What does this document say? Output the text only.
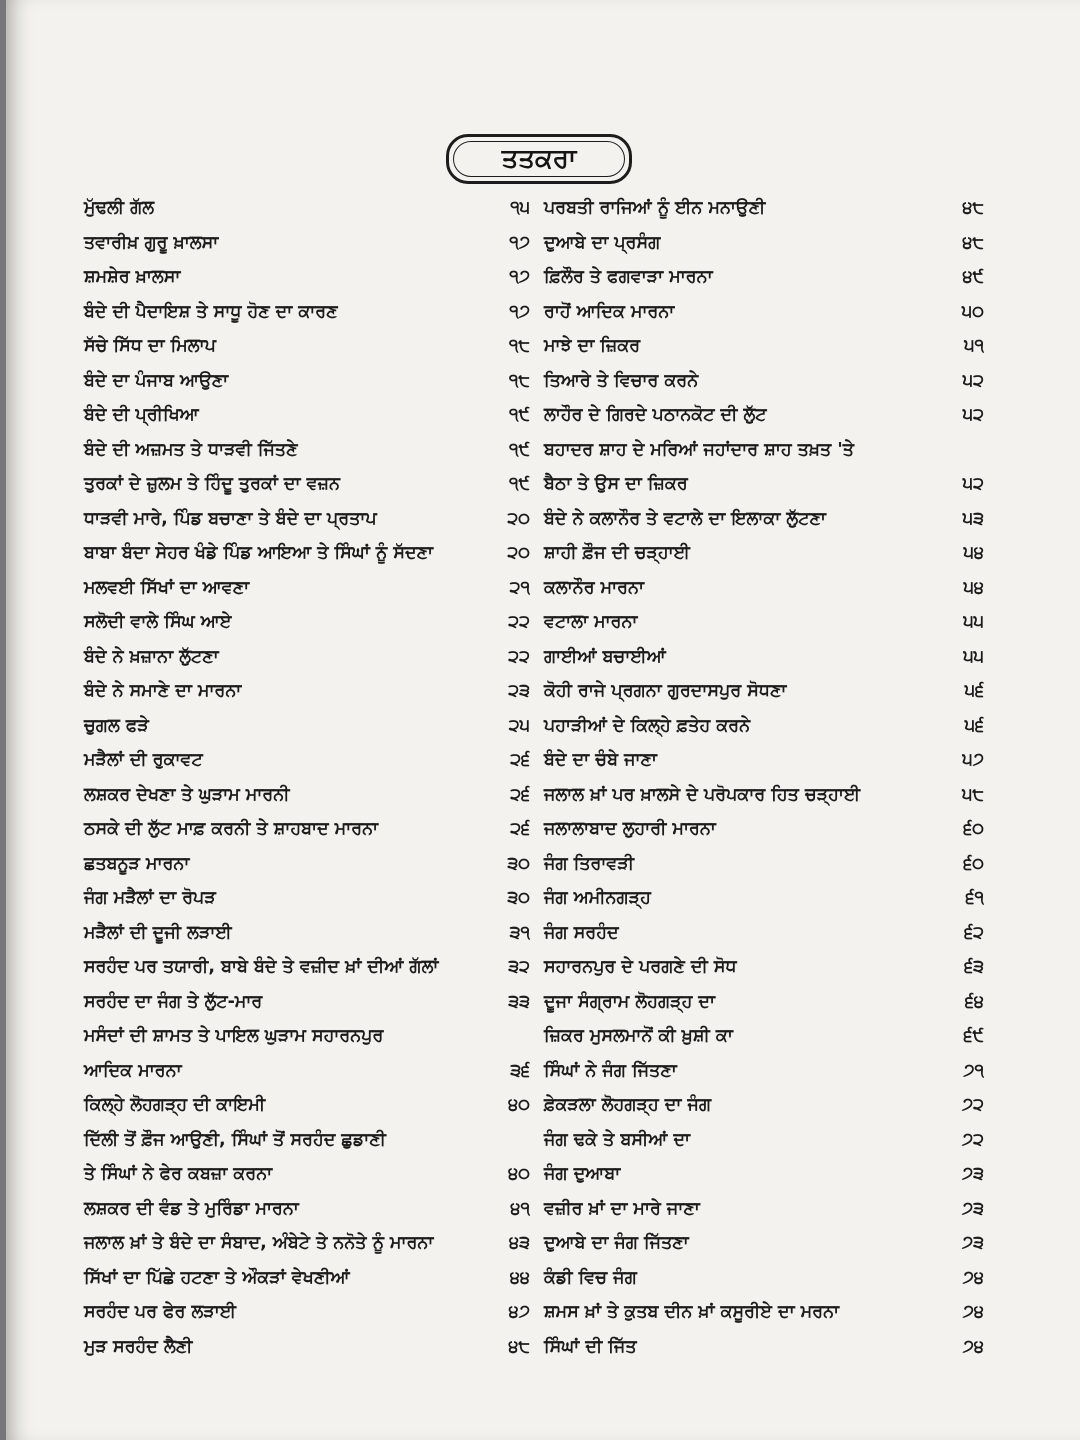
ਤਤਕਰਾ
ਮੁੱਢਲੀ ਗੱਲ	੧੫
ਤਵਾਰੀਖ਼ ਗੁਰੂ ਖ਼ਾਲਸਾ	੧੭
ਸ਼ਮਸ਼ੇਰ ਖ਼ਾਲਸਾ	੧੭
ਬੰਦੇ ਦੀ ਪੈਦਾਇਸ਼ ਤੇ ਸਾਧੂ ਹੋਣ ਦਾ ਕਾਰਣ	੧੭
ਸੱਚੇ ਸਿੱਧ ਦਾ ਮਿਲਾਪ	੧੮
ਬੰਦੇ ਦਾ ਪੰਜਾਬ ਆਉਣਾ	੧੮
ਬੰਦੇ ਦੀ ਪ੍ਰੀਖਿਆ	੧੯
ਬੰਦੇ ਦੀ ਅਜ਼ਮਤ ਤੇ ਧਾੜਵੀ ਜਿੱਤਣੇ	੧੯
ਤੁਰਕਾਂ ਦੇ ਜ਼ੁਲਮ ਤੇ ਹਿੰਦੂ ਤੁਰਕਾਂ ਦਾ ਵਜ਼ਨ	੧੯
ਧਾੜਵੀ ਮਾਰੇ, ਪਿੰਡ ਬਚਾਣਾ ਤੇ ਬੰਦੇ ਦਾ ਪ੍ਰਤਾਪ	੨੦
ਬਾਬਾ ਬੰਦਾ ਸੇਹਰ ਖੰਡੇ ਪਿੰਡ ਆਇਆ ਤੇ ਸਿੰਘਾਂ ਨੂੰ ਸੱਦਣਾ	੨੦
ਮਲਵਈ ਸਿੱਖਾਂ ਦਾ ਆਵਣਾ	੨੧
ਸਲੋਦੀ ਵਾਲੇ ਸਿੰਘ ਆਏ	੨੨
ਬੰਦੇ ਨੇ ਖ਼ਜ਼ਾਨਾ ਲੁੱਟਣਾ	੨੨
ਬੰਦੇ ਨੇ ਸਮਾਣੇ ਦਾ ਮਾਰਨਾ	੨੩
ਚੁਗਲ ਫੜੇ	੨੫
ਮੜੈਲਾਂ ਦੀ ਰੁਕਾਵਟ	੨੬
ਲਸ਼ਕਰ ਦੇਖਣਾ ਤੇ ਘੁੜਾਮ ਮਾਰਨੀ	੨੬
ਠਸਕੇ ਦੀ ਲੁੱਟ ਮਾਫ਼ ਕਰਨੀ ਤੇ ਸ਼ਾਹਬਾਦ ਮਾਰਨਾ	੨੬
ਛਤਬਨੂੜ ਮਾਰਨਾ	੩੦
ਜੰਗ ਮੜੈਲਾਂ ਦਾ ਰੋਪੜ	੩੦
ਮੜੈਲਾਂ ਦੀ ਦੂਜੀ ਲੜਾਈ	੩੧
ਸਰਹੰਦ ਪਰ ਤਯਾਰੀ, ਬਾਬੇ ਬੰਦੇ ਤੇ ਵਜ਼ੀਦ ਖ਼ਾਂ ਦੀਆਂ ਗੱਲਾਂ	੩੨
ਸਰਹੰਦ ਦਾ ਜੰਗ ਤੇ ਲੁੱਟ-ਮਾਰ	੩੩
ਮਸੰਦਾਂ ਦੀ ਸ਼ਾਮਤ ਤੇ ਪਾਇਲ ਘੁੜਾਮ ਸਹਾਰਨਪੁਰ
ਆਦਿਕ ਮਾਰਨਾ	੩੬
ਕਿਲ੍ਹੇ ਲੋਹਗੜ੍ਹ ਦੀ ਕਾਇਮੀ	੪੦
ਦਿੱਲੀ ਤੋਂ ਫ਼ੌਜ ਆਉਣੀ, ਸਿੰਘਾਂ ਤੋਂ ਸਰਹੰਦ ਛੁਡਾਣੀ
ਤੇ ਸਿੰਘਾਂ ਨੇ ਫੇਰ ਕਬਜ਼ਾ ਕਰਨਾ	੪੦
ਲਸ਼ਕਰ ਦੀ ਵੰਡ ਤੇ ਮੁਰਿੰਡਾ ਮਾਰਨਾ	੪੧
ਜਲਾਲ ਖ਼ਾਂ ਤੇ ਬੰਦੇ ਦਾ ਸੰਬਾਦ, ਅੰਬੇਟੇ ਤੇ ਨਨੋਤੇ ਨੂੰ ਮਾਰਨਾ	੪੩
ਸਿੱਖਾਂ ਦਾ ਪਿੱਛੇ ਹਟਣਾ ਤੇ ਔਕੜਾਂ ਵੇਖਣੀਆਂ	੪੪
ਸਰਹੰਦ ਪਰ ਫੇਰ ਲੜਾਈ	੪੭
ਮੁੜ ਸਰਹੰਦ ਲੈਣੀ	੪੮
ਪਰਬਤੀ ਰਾਜਿਆਂ ਨੂੰ ਈਨ ਮਨਾਉਣੀ	੪੮
ਦੁਆਬੇ ਦਾ ਪ੍ਰਸੰਗ	੪੮
ਫ਼ਿਲੌਰ ਤੇ ਫਗਵਾੜਾ ਮਾਰਨਾ	੪੯
ਰਾਹੋਂ ਆਦਿਕ ਮਾਰਨਾ	੫੦
ਮਾਝੇ ਦਾ ਜ਼ਿਕਰ	੫੧
ਤਿਆਰੇ ਤੇ ਵਿਚਾਰ ਕਰਨੇ	੫੨
ਲਾਹੌਰ ਦੇ ਗਿਰਦੇ ਪਠਾਨਕੋਟ ਦੀ ਲੁੱਟ	੫੨
ਬਹਾਦਰ ਸ਼ਾਹ ਦੇ ਮਰਿਆਂ ਜਹਾਂਦਾਰ ਸ਼ਾਹ ਤਖ਼ਤ 'ਤੇ
ਬੈਠਾ ਤੇ ਉਸ ਦਾ ਜ਼ਿਕਰ	੫੨
ਬੰਦੇ ਨੇ ਕਲਾਨੌਰ ਤੇ ਵਟਾਲੇ ਦਾ ਇਲਾਕਾ ਲੁੱਟਣਾ	੫੩
ਸ਼ਾਹੀ ਫ਼ੌਜ ਦੀ ਚੜ੍ਹਾਈ	੫੪
ਕਲਾਨੌਰ ਮਾਰਨਾ	੫੪
ਵਟਾਲਾ ਮਾਰਨਾ	੫੫
ਗਾਈਆਂ ਬਚਾਈਆਂ	੫੫
ਕੋਹੀ ਰਾਜੇ ਪ੍ਰਗਨਾ ਗੁਰਦਾਸਪੁਰ ਸੋਧਣਾ	੫੬
ਪਹਾੜੀਆਂ ਦੇ ਕਿਲ੍ਹੇ ਫ਼ਤੇਹ ਕਰਨੇ	੫੬
ਬੰਦੇ ਦਾ ਚੰਬੇ ਜਾਣਾ	੫੭
ਜਲਾਲ ਖ਼ਾਂ ਪਰ ਖ਼ਾਲਸੇ ਦੇ ਪਰੋਪਕਾਰ ਹਿਤ ਚੜ੍ਹਾਈ	੫੮
ਜਲਾਲਾਬਾਦ ਲੁਹਾਰੀ ਮਾਰਨਾ	੬੦
ਜੰਗ ਤਿਰਾਵੜੀ	੬੦
ਜੰਗ ਅਮੀਨਗੜ੍ਹ	੬੧
ਜੰਗ ਸਰਹੰਦ	੬੨
ਸਹਾਰਨਪੁਰ ਦੇ ਪਰਗਣੇ ਦੀ ਸੋਧ	੬੩
ਦੂਜਾ ਸੰਗ੍ਰਾਮ ਲੋਹਗੜ੍ਹ ਦਾ	੬੪
ਜ਼ਿਕਰ ਮੁਸਲਮਾਨੋਂ ਕੀ ਖ਼ੁਸ਼ੀ ਕਾ	੬੯
ਸਿੰਘਾਂ ਨੇ ਜੰਗ ਜਿੱਤਣਾ	੭੧
ਫ਼ੇਕੜਲਾ ਲੋਹਗੜ੍ਹ ਦਾ ਜੰਗ	੭੨
ਜੰਗ ਢਕੇ ਤੇ ਬਸੀਆਂ ਦਾ	੭੨
ਜੰਗ ਦੁਆਬਾ	੭੩
ਵਜ਼ੀਰ ਖ਼ਾਂ ਦਾ ਮਾਰੇ ਜਾਣਾ	੭੩
ਦੁਆਬੇ ਦਾ ਜੰਗ ਜਿੱਤਣਾ	੭੩
ਕੰਡੀ ਵਿਚ ਜੰਗ	੭੪
ਸ਼ਮਸ ਖ਼ਾਂ ਤੇ ਕੁਤਬ ਦੀਨ ਖ਼ਾਂ ਕਸੂਰੀਏ ਦਾ ਮਰਨਾ	੭੪
ਸਿੰਘਾਂ ਦੀ ਜਿੱਤ	੭੪
